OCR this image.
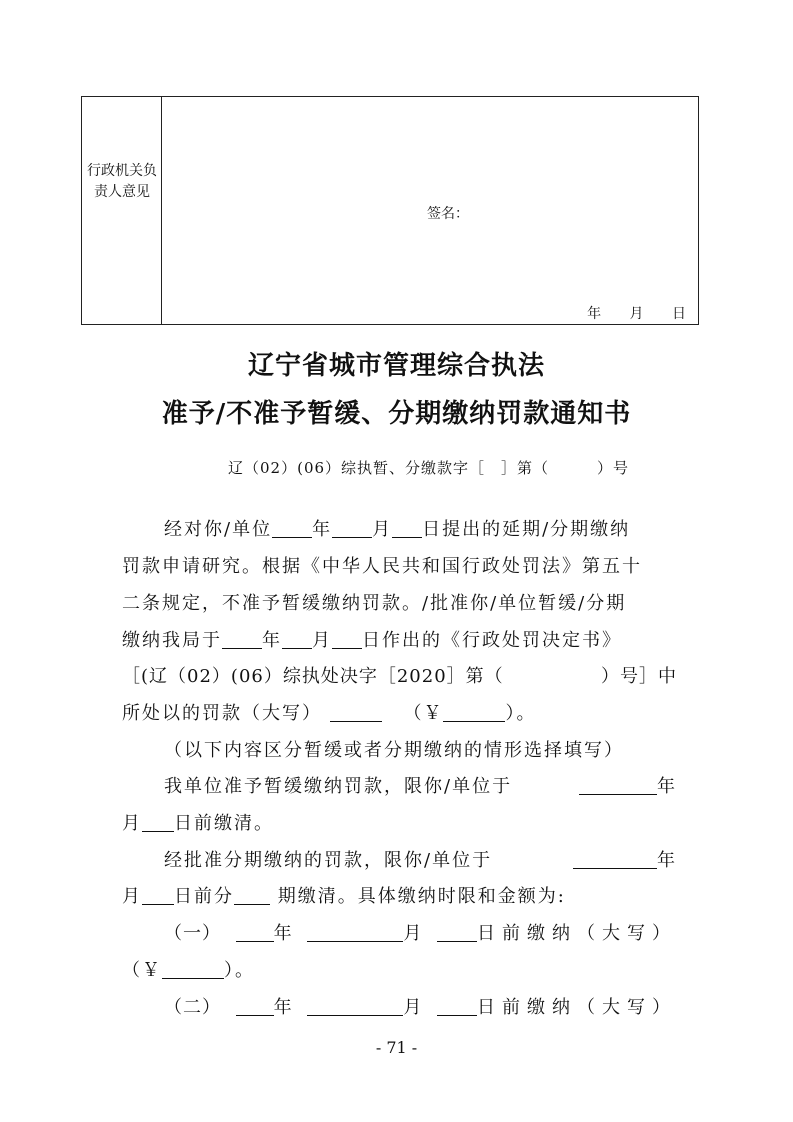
行政机关负责人意见
签名：
年 月 日
辽宁省城市管理综合执法
准予/不准予暂缓、分期缴纳罚款通知书
辽（02）(06）综执暂、分缴款字［　］第（　　　）号
经对你/单位 年 月 日提出的延期/分期缴纳
罚款申请研究。根据《中华人民共和国行政处罚法》第五十
二条规定，不准予暂缓缴纳罚款。/批准你/单位暂缓/分期
缴纳我局于 年 月 日作出的《行政处罚决定书》
［(辽（02）(06）综执处决字［2020］第（	）号］中
所处以的罚款（大写）	（￥	）。
（以下内容区分暂缓或者分期缴纳的情形选择填写）
我单位准予暂缓缴纳罚款，限你/单位于	年
月 日前缴清。
经批准分期缴纳的罚款，限你/单位于	年
月 日前分 期缴清。具体缴纳时限和金额为:
（一）	年	月	日前缴纳（大写）
（￥	）。
（二）	年	月	日前缴纳（大写）
- 71 -
